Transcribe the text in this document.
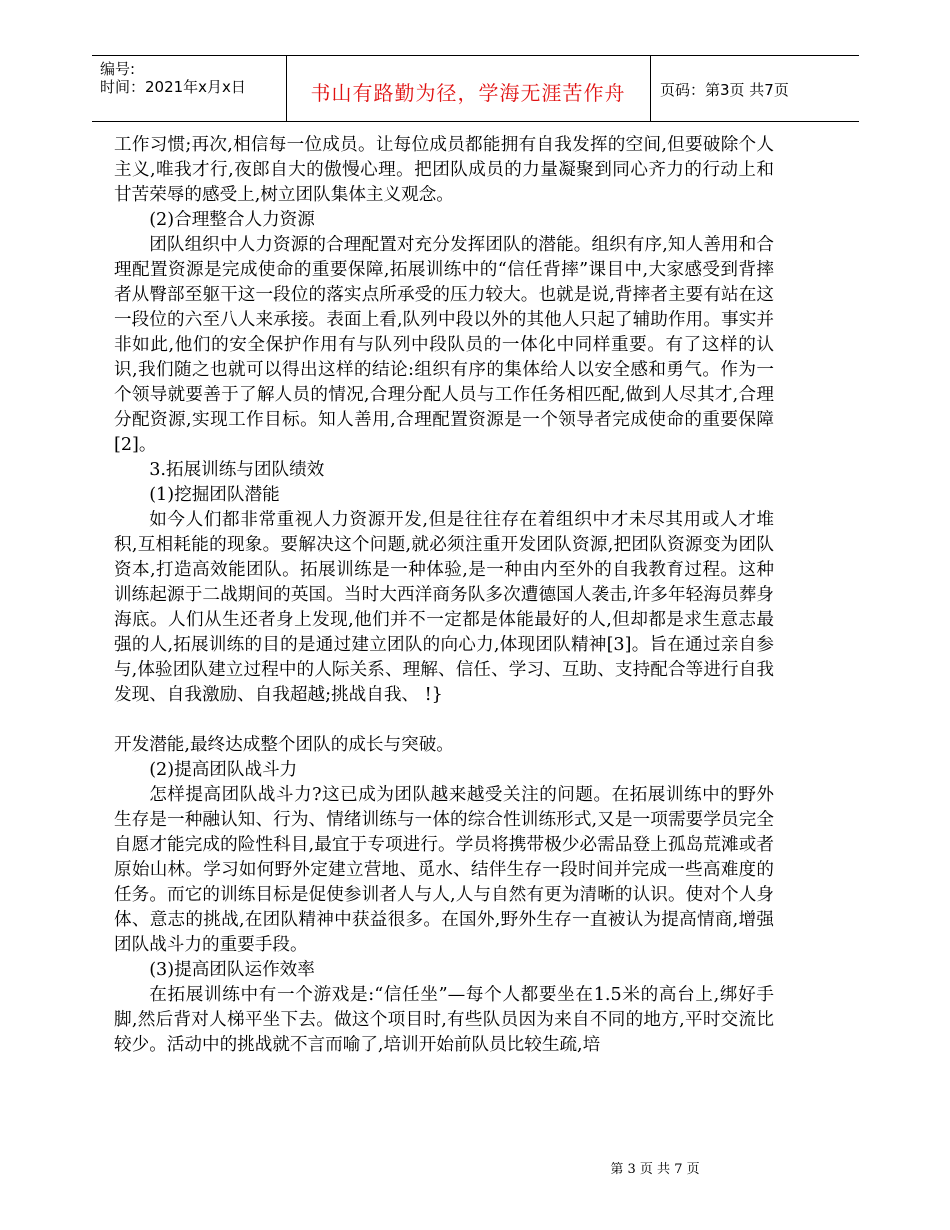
编号:
时间：2021年x月x日	书山有路勤为径，学海无涯苦作舟	页码：第3页 共7页

工作习惯;再次,相信每一位成员。让每位成员都能拥有自我发挥的空间,但要破除个人主义,唯我才行,夜郎自大的傲慢心理。把团队成员的力量凝聚到同心齐力的行动上和甘苦荣辱的感受上,树立团队集体主义观念。

(2)合理整合人力资源

团队组织中人力资源的合理配置对充分发挥团队的潜能。组织有序,知人善用和合理配置资源是完成使命的重要保障,拓展训练中的“信任背摔”课目中,大家感受到背摔者从臀部至躯干这一段位的落实点所承受的压力较大。也就是说,背摔者主要有站在这一段位的六至八人来承接。表面上看,队列中段以外的其他人只起了辅助作用。事实并非如此,他们的安全保护作用有与队列中段队员的一体化中同样重要。有了这样的认识,我们随之也就可以得出这样的结论:组织有序的集体给人以安全感和勇气。作为一个领导就要善于了解人员的情况,合理分配人员与工作任务相匹配,做到人尽其才,合理分配资源,实现工作目标。知人善用,合理配置资源是一个领导者完成使命的重要保障[2]。

3.拓展训练与团队绩效

(1)挖掘团队潜能

如今人们都非常重视人力资源开发,但是往往存在着组织中才未尽其用或人才堆积,互相耗能的现象。要解决这个问题,就必须注重开发团队资源,把团队资源变为团队资本,打造高效能团队。拓展训练是一种体验,是一种由内至外的自我教育过程。这种训练起源于二战期间的英国。当时大西洋商务队多次遭德国人袭击,许多年轻海员葬身海底。人们从生还者身上发现,他们并不一定都是体能最好的人,但却都是求生意志最强的人,拓展训练的目的是通过建立团队的向心力,体现团队精神[3]。旨在通过亲自参与,体验团队建立过程中的人际关系、理解、信任、学习、互助、支持配合等进行自我发现、自我激励、自我超越;挑战自我、 !}

开发潜能,最终达成整个团队的成长与突破。

(2)提高团队战斗力

怎样提高团队战斗力?这已成为团队越来越受关注的问题。在拓展训练中的野外生存是一种融认知、行为、情绪训练与一体的综合性训练形式,又是一项需要学员完全自愿才能完成的险性科目,最宜于专项进行。学员将携带极少必需品登上孤岛荒滩或者原始山林。学习如何野外定建立营地、觅水、结伴生存一段时间并完成一些高难度的任务。而它的训练目标是促使参训者人与人,人与自然有更为清晰的认识。使对个人身体、意志的挑战,在团队精神中获益很多。在国外,野外生存一直被认为提高情商,增强团队战斗力的重要手段。

(3)提高团队运作效率

在拓展训练中有一个游戏是:“信任坐”—每个人都要坐在1.5米的高台上,绑好手脚,然后背对人梯平坐下去。做这个项目时,有些队员因为来自不同的地方,平时交流比较少。活动中的挑战就不言而喻了,培训开始前队员比较生疏,培

第 3 页 共 7 页
